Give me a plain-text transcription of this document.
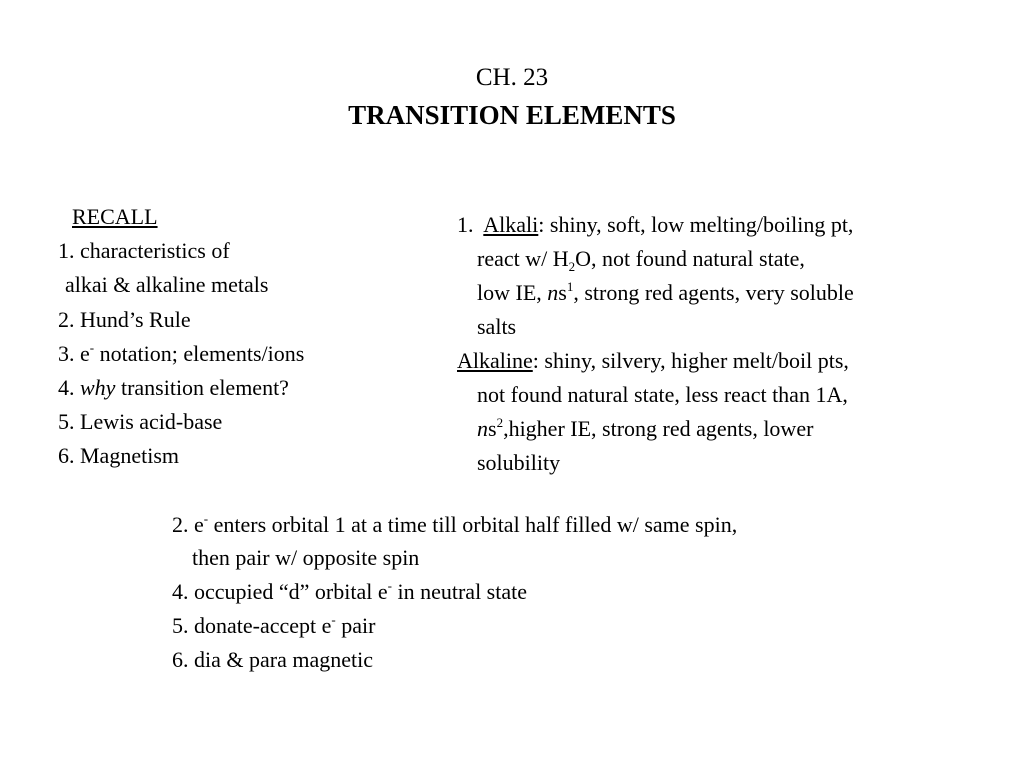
CH. 23
TRANSITION ELEMENTS
RECALL
1. characteristics of
alkai & alkaline metals
2. Hund’s Rule
3. e- notation; elements/ions
4. why transition element?
5. Lewis acid-base
6. Magnetism
1. Alkali: shiny, soft, low melting/boiling pt,
react w/ $H_2O$, not found natural state,
low IE, $ns^1$, strong red agents, very soluble
salts
Alkaline: shiny, silvery, higher melt/boil pts,
not found natural state, less react than 1A,
$ns^2,higher$ IE, strong red agents, lower
solubility
2. e- enters orbital 1 at a time till orbital half filled w/ same spin,
then pair w/ opposite spin
4. occupied “d” orbital e- in neutral state
5. donate-accept e- pair
6. dia & para magnetic
